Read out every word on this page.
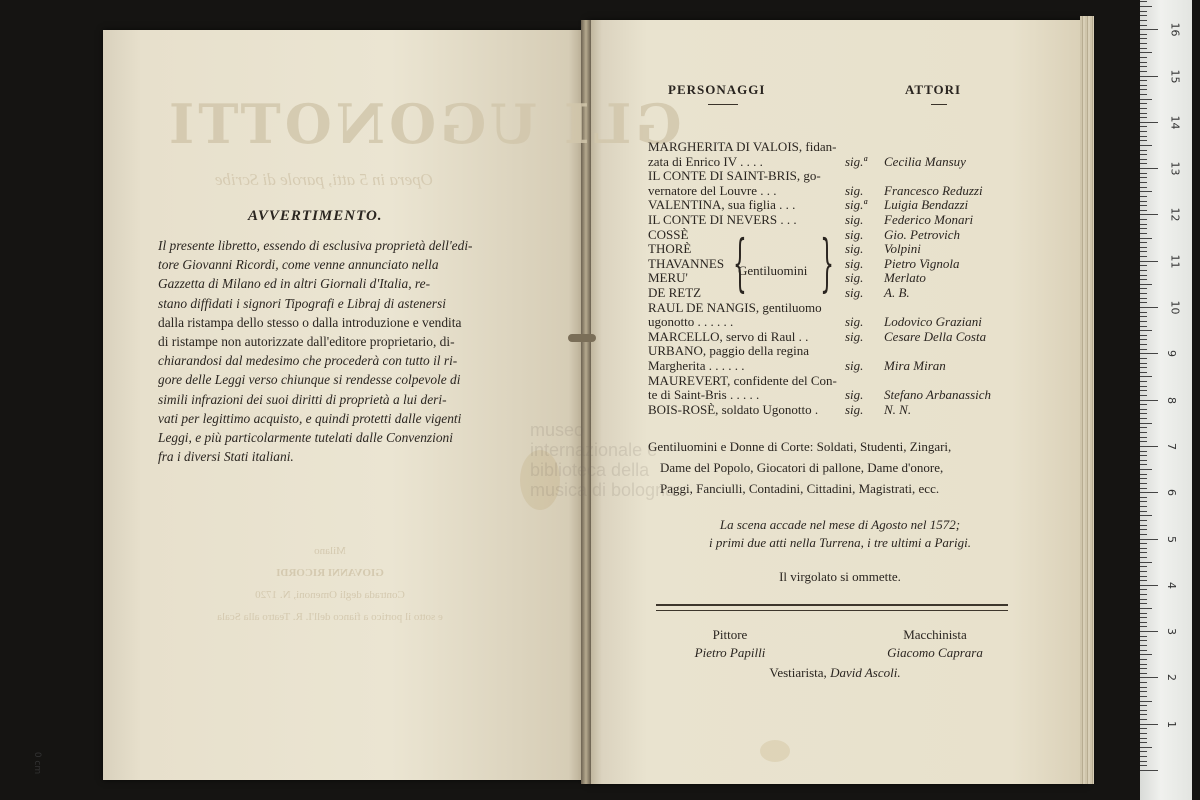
GLI UGONOTTI
Opera in 5 atti, parole di Scribe
Milano
GIOVANNI RICORDI
Contrada degli Omenoni, N. 1720
e sotto il portico a fianco dell'I. R. Teatro alla Scala
AVVERTIMENTO.
Il presente libretto, essendo di esclusiva proprietà dell'edi-
tore Giovanni Ricordi, come venne annunciato nella
Gazzetta di Milano ed in altri Giornali d'Italia, re-
stano diffidati i signori Tipografi e Libraj di astenersi
dalla ristampa dello stesso o dalla introduzione e vendita
di ristampe non autorizzate dall'editore proprietario, di-
chiarandosi dal medesimo che procederà con tutto il ri-
gore delle Leggi verso chiunque si rendesse colpevole di
simili infrazioni dei suoi diritti di proprietà a lui deri-
vati per legittimo acquisto, e quindi protetti dalle vigenti
Leggi, e più particolarmente tutelati dalle Convenzioni
fra i diversi Stati italiani.
PERSONAGGI	ATTORI
MARGHERITA DI VALOIS, fidan-
zata di Enrico IV . . . .	sig.ª Cecilia Mansuy
IL CONTE DI SAINT-BRIS, go-
vernatore del Louvre . . .	sig. Francesco Reduzzi
VALENTINA, sua figlia . . .	sig.ª Luigia Bendazzi
IL CONTE DI NEVERS . . .	sig. Federico Monari
COSSÈ	sig. Gio. Petrovich
THORÈ	sig. Volpini
THAVANNES	sig. Pietro Vignola
MERU'	sig. Merlato
DE RETZ	sig. A. B.
RAUL DE NANGIS, gentiluomo
ugonotto . . . . . .	sig. Lodovico Graziani
MARCELLO, servo di Raul . .	sig. Cesare Della Costa
URBANO, paggio della regina
Margherita . . . . . .	sig. Mira Miran
MAUREVERT, confidente del Con-
te di Saint-Bris . . . . .	sig. Stefano Arbanassich
BOIS-ROSÈ, soldato Ugonotto . sig. N. N.
{
Gentiluomini {
Gentiluomini e Donne di Corte: Soldati, Studenti, Zingari,
Dame del Popolo, Giocatori di pallone, Dame d'onore,
Paggi, Fanciulli, Contadini, Cittadini, Magistrati, ecc.
La scena accade nel mese di Agosto nel 1572;
i primi due atti nella Turrena, i tre ultimi a Parigi.
Il virgolato si ommette.
Pittore
Pietro Papilli
Macchinista
Giacomo Caprara
Vestiarista, David Ascoli.
museo internazionale e biblioteca della musica di bologna
16
15
14
13
12
11
10
9
8
7
6
5
4
3
2
1
0 cm
